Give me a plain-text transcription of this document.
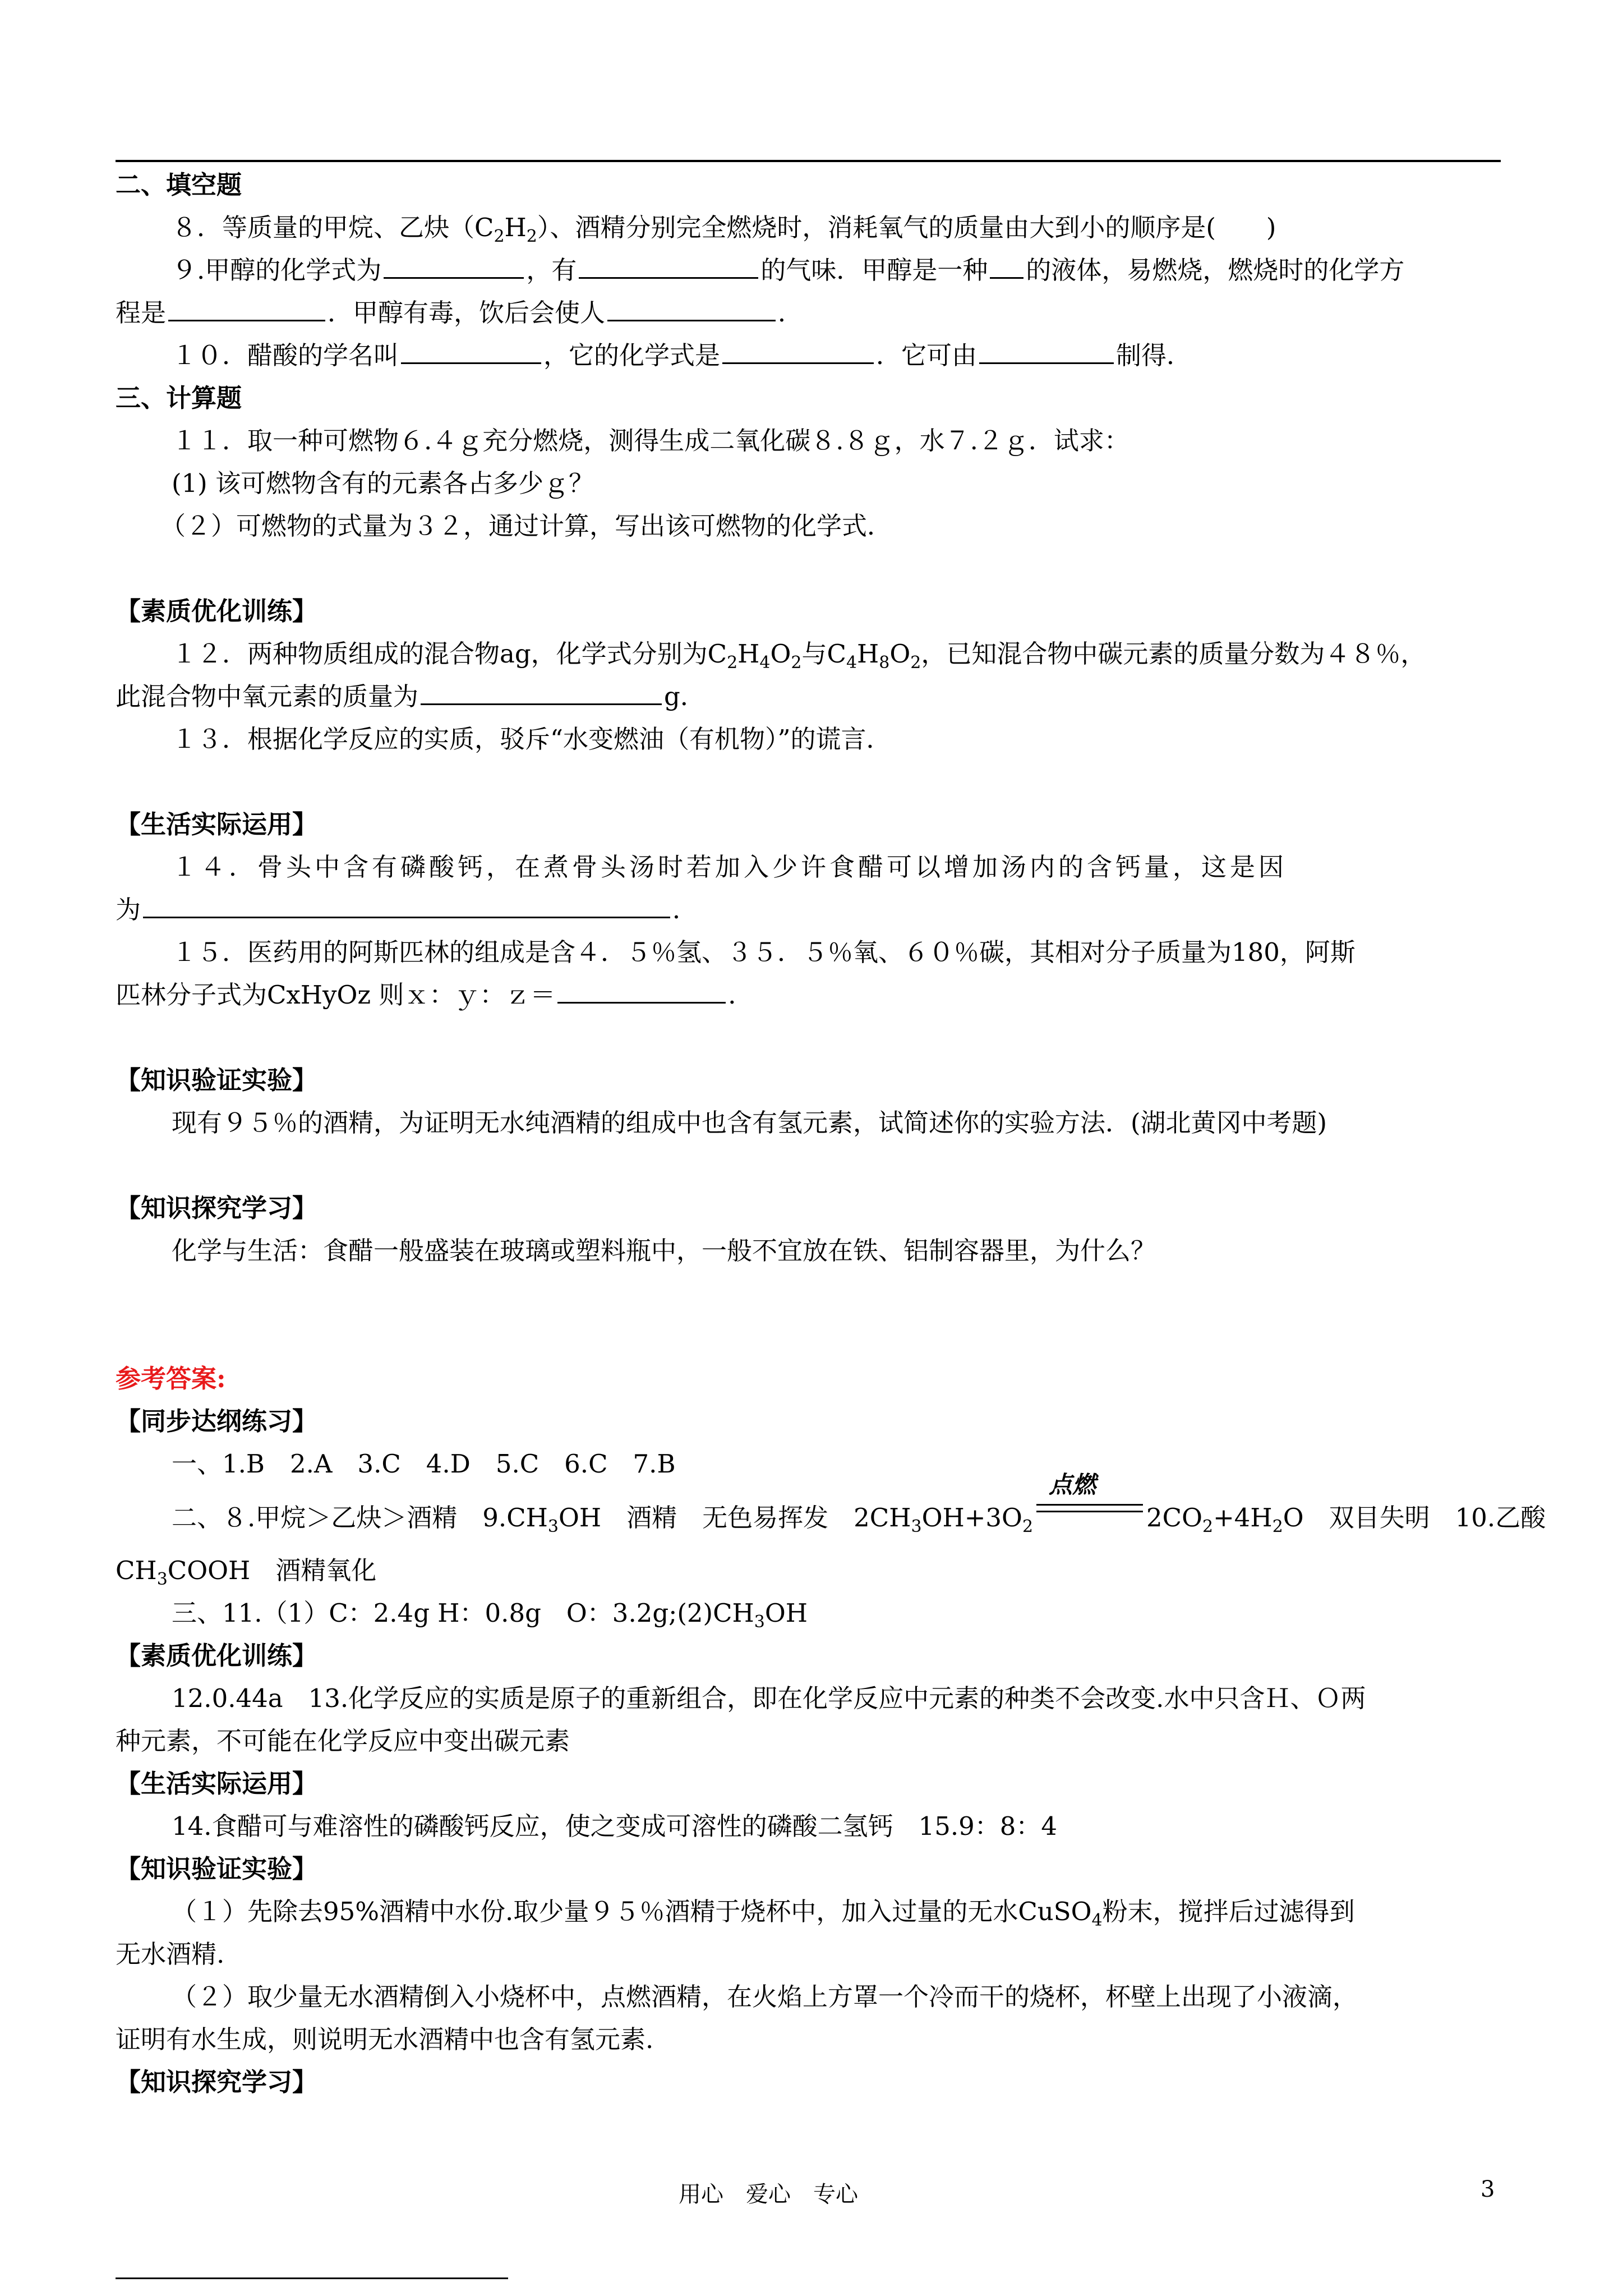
二、填空题
８．等质量的甲烷、乙炔$(C_2H_2)$、酒精分别完全燃烧时，消耗氧气的质量由大到小的顺序是(　　)
９.甲醇的化学式为	，有	的气味．甲醇是一种 的液体，易燃烧，燃烧时的化学方
程是	．甲醇有毒，饮后会使人	．
１０．醋酸的学名叫	，它的化学式是	．它可由	制得．
三、计算题
１１．取一种可燃物６.４ｇ充分燃烧，测得生成二氧化碳８.８ｇ，水７.２ｇ．试求：
(1) 该可燃物含有的元素各占多少ｇ？
（２）可燃物的式量为３２，通过计算，写出该可燃物的化学式．
【素质优化训练】
１２．两种物质组成的混合物ag，化学式分别为$C_2H_4O_2$与$C_4H_8O_2$，已知混合物中碳元素的质量分数为４８％，
此混合物中氧元素的质量为	g．
１３．根据化学反应的实质，驳斥“水变燃油（有机物）”的谎言．
【生活实际运用】
１４．骨头中含有磷酸钙，在煮骨头汤时若加入少许食醋可以增加汤内的含钙量，这是因
为	．
１５．医药用的阿斯匹林的组成是含４．５％氢、３５．５％氧、６０％碳，其相对分子质量为180，阿斯
匹林分子式为CxHyOz 则ｘ：ｙ：ｚ＝	．
【知识验证实验】
现有９５％的酒精，为证明无水纯酒精的组成中也含有氢元素，试简述你的实验方法．(湖北黄冈中考题)
【知识探究学习】
化学与生活：食醋一般盛装在玻璃或塑料瓶中，一般不宜放在铁、铝制容器里，为什么？
参考答案:
【同步达纲练习】
一、1.B　2.A　3.C　4.D　5.C　6.C　7.B
二、８.甲烷＞乙炔＞酒精　$9.CH_3OH$　酒精　无色易挥发　$2CH_3OH+3O_2$
点燃
$2CO_2+4H_2O$　双目失明　10.乙酸
$CH_3COOH$　酒精氧化
三、11.（1）C：2.4g H：0.8g　O：$3.2g;(2)CH_3OH$
【素质优化训练】
12.0.44a　13.化学反应的实质是原子的重新组合，即在化学反应中元素的种类不会改变.水中只含Ｈ、Ｏ两
种元素，不可能在化学反应中变出碳元素
【生活实际运用】
14.食醋可与难溶性的磷酸钙反应，使之变成可溶性的磷酸二氢钙　15.9：8：4
【知识验证实验】
（１）先除去95%酒精中水份.取少量９５％酒精于烧杯中，加入过量的无水CuSO$_4$粉末，搅拌后过滤得到
无水酒精.
（２）取少量无水酒精倒入小烧杯中，点燃酒精，在火焰上方罩一个冷而干的烧杯，杯壁上出现了小液滴，
证明有水生成，则说明无水酒精中也含有氢元素.
【知识探究学习】
用心　爱心　专心	3
